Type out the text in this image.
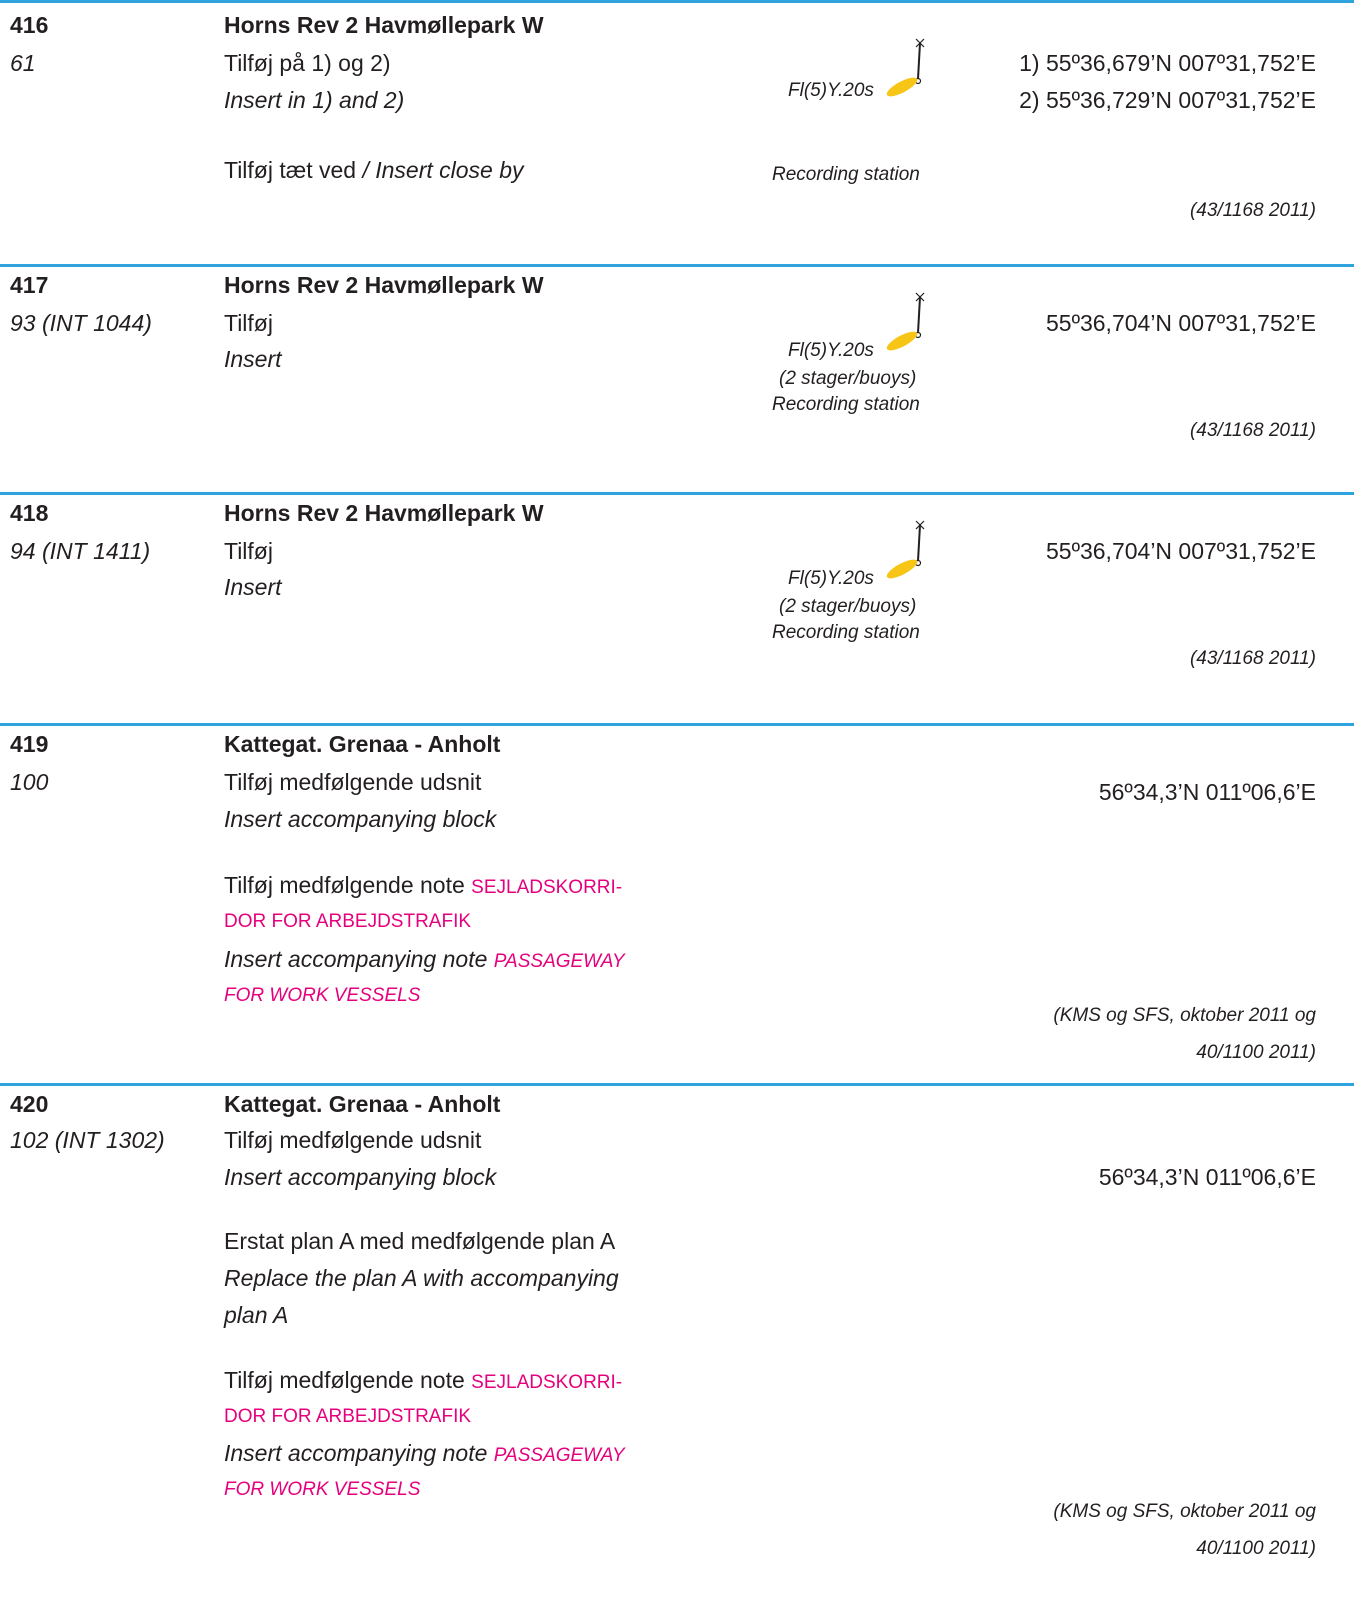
416
61
Horns Rev 2 Havmøllepark W
Tilføj på 1) og 2)
Insert in 1) and 2)
Tilføj tæt ved / Insert close by
Fl(5)Y.20s
Recording station
1) 55º36,679’N 007º31,752’E
2) 55º36,729’N 007º31,752’E
(43/1168 2011)
417
93 (INT 1044)
Horns Rev 2 Havmøllepark W
Tilføj
Insert	Fl(5)Y.20s
(2 stager/buoys)
Recording station
55º36,704’N 007º31,752’E
(43/1168 2011)
418
94 (INT 1411)
Horns Rev 2 Havmøllepark W
Tilføj
Insert	Fl(5)Y.20s
(2 stager/buoys)
Recording station
55º36,704’N 007º31,752’E
(43/1168 2011)
419
100
Kattegat. Grenaa - Anholt
Tilføj medfølgende udsnit
Insert accompanying block
Tilføj medfølgende note SEJLADSKORRI-
DOR FOR ARBEJDSTRAFIK
Insert accompanying note PASSAGEWAY
FOR WORK VESSELS
56º34,3’N 011º06,6’E
(KMS og SFS, oktober 2011 og
40/1100 2011)
420
102 (INT 1302)
Kattegat. Grenaa - Anholt
Tilføj medfølgende udsnit
Insert accompanying block
Erstat plan A med medfølgende plan A
Replace the plan A with accompanying
plan A
Tilføj medfølgende note SEJLADSKORRI-
DOR FOR ARBEJDSTRAFIK
Insert accompanying note PASSAGEWAY
FOR WORK VESSELS
56º34,3’N 011º06,6’E
(KMS og SFS, oktober 2011 og
40/1100 2011)
